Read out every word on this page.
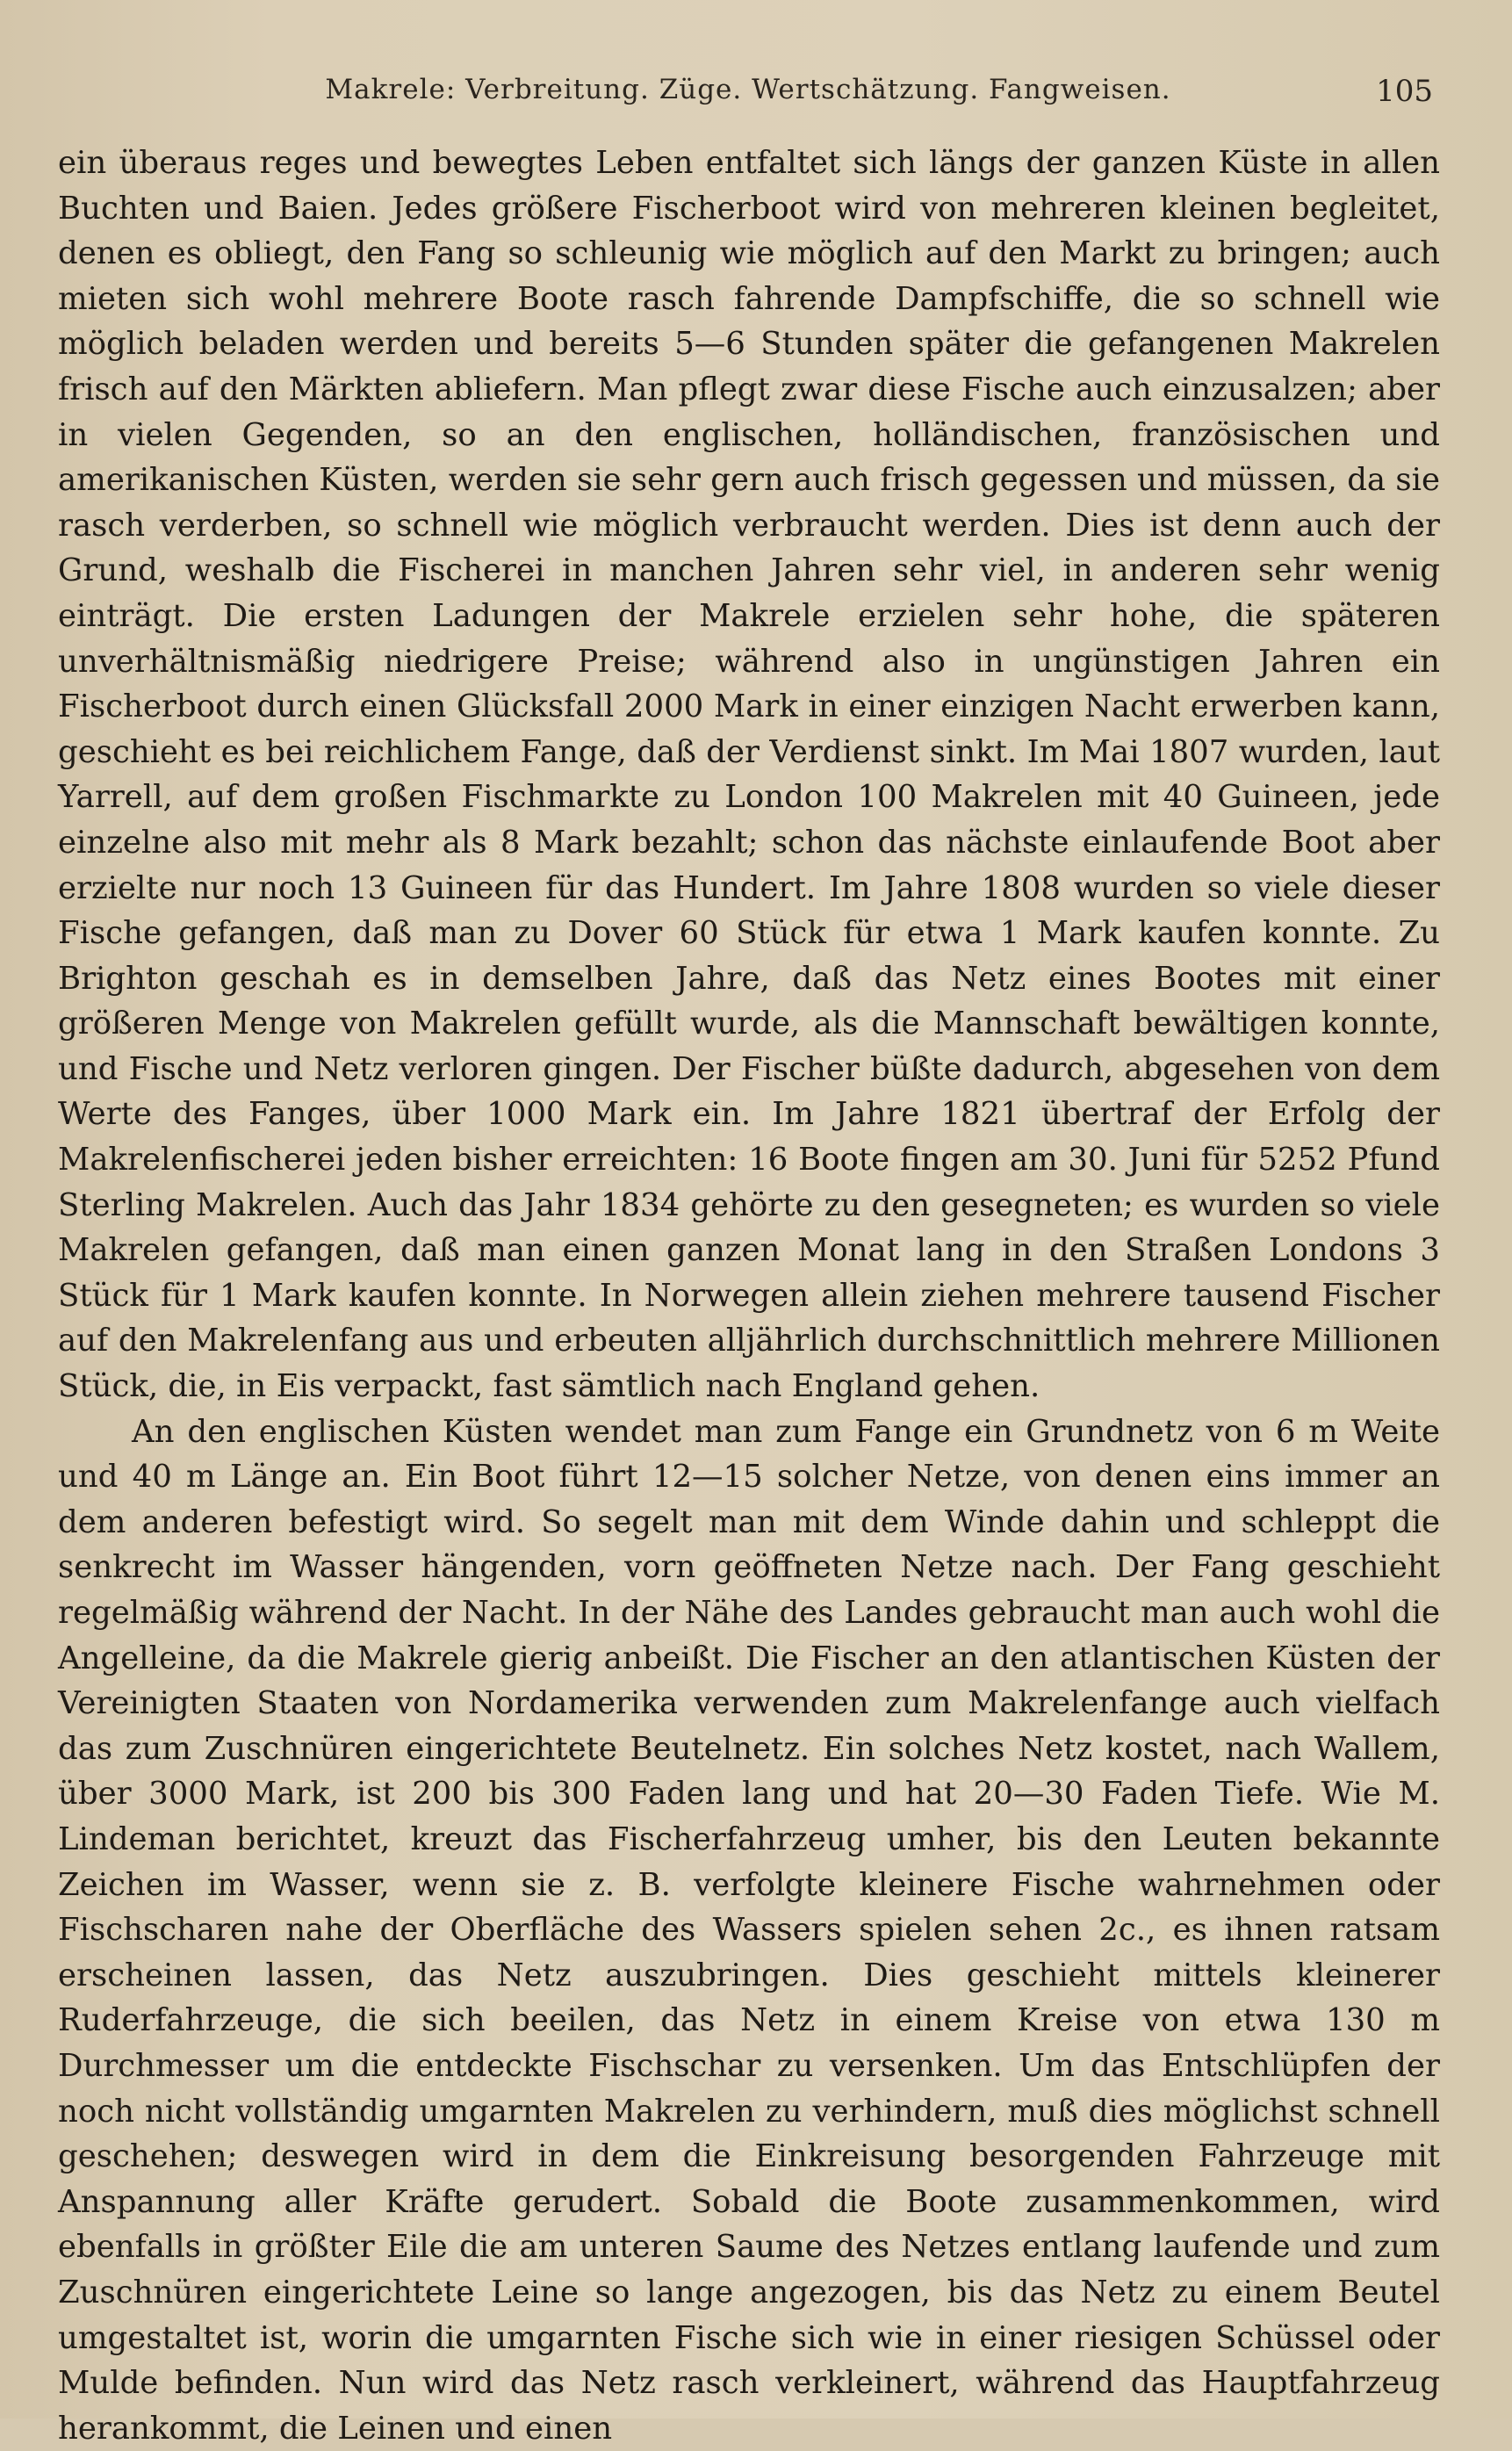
Makrele: Verbreitung. Züge. Wertschätzung. Fangweisen.	105

ein überaus reges und bewegtes Leben entfaltet sich längs der ganzen Küste in allen Buchten und Baien. Jedes größere Fischerboot wird von mehreren kleinen begleitet, denen es obliegt, den Fang so schleunig wie möglich auf den Markt zu bringen; auch mieten sich wohl mehrere Boote rasch fahrende Dampfschiffe, die so schnell wie möglich beladen werden und bereits 5—6 Stunden später die gefangenen Makrelen frisch auf den Märkten abliefern. Man pflegt zwar diese Fische auch einzusalzen; aber in vielen Gegenden, so an den englischen, holländischen, französischen und amerikanischen Küsten, werden sie sehr gern auch frisch gegessen und müssen, da sie rasch verderben, so schnell wie möglich verbraucht werden. Dies ist denn auch der Grund, weshalb die Fischerei in manchen Jahren sehr viel, in anderen sehr wenig einträgt. Die ersten Ladungen der Makrele erzielen sehr hohe, die späteren unverhältnismäßig niedrigere Preise; während also in ungünstigen Jahren ein Fischerboot durch einen Glücksfall 2000 Mark in einer einzigen Nacht erwerben kann, geschieht es bei reichlichem Fange, daß der Verdienst sinkt. Im Mai 1807 wurden, laut Yarrell, auf dem großen Fischmarkte zu London 100 Makrelen mit 40 Guineen, jede einzelne also mit mehr als 8 Mark bezahlt; schon das nächste einlaufende Boot aber erzielte nur noch 13 Guineen für das Hundert. Im Jahre 1808 wurden so viele dieser Fische gefangen, daß man zu Dover 60 Stück für etwa 1 Mark kaufen konnte. Zu Brighton geschah es in demselben Jahre, daß das Netz eines Bootes mit einer größeren Menge von Makrelen gefüllt wurde, als die Mannschaft bewältigen konnte, und Fische und Netz verloren gingen. Der Fischer büßte dadurch, abgesehen von dem Werte des Fanges, über 1000 Mark ein. Im Jahre 1821 übertraf der Erfolg der Makrelenfischerei jeden bisher erreichten: 16 Boote fingen am 30. Juni für 5252 Pfund Sterling Makrelen. Auch das Jahr 1834 gehörte zu den gesegneten; es wurden so viele Makrelen gefangen, daß man einen ganzen Monat lang in den Straßen Londons 3 Stück für 1 Mark kaufen konnte. In Norwegen allein ziehen mehrere tausend Fischer auf den Makrelenfang aus und erbeuten alljährlich durchschnittlich mehrere Millionen Stück, die, in Eis verpackt, fast sämtlich nach England gehen.

An den englischen Küsten wendet man zum Fange ein Grundnetz von 6 m Weite und 40 m Länge an. Ein Boot führt 12—15 solcher Netze, von denen eins immer an dem anderen befestigt wird. So segelt man mit dem Winde dahin und schleppt die senkrecht im Wasser hängenden, vorn geöffneten Netze nach. Der Fang geschieht regelmäßig während der Nacht. In der Nähe des Landes gebraucht man auch wohl die Angelleine, da die Makrele gierig anbeißt. Die Fischer an den atlantischen Küsten der Vereinigten Staaten von Nordamerika verwenden zum Makrelenfange auch vielfach das zum Zuschnüren eingerichtete Beutelnetz. Ein solches Netz kostet, nach Wallem, über 3000 Mark, ist 200 bis 300 Faden lang und hat 20—30 Faden Tiefe. Wie M. Lindeman berichtet, kreuzt das Fischerfahrzeug umher, bis den Leuten bekannte Zeichen im Wasser, wenn sie z. B. verfolgte kleinere Fische wahrnehmen oder Fischscharen nahe der Oberfläche des Wassers spielen sehen 2c., es ihnen ratsam erscheinen lassen, das Netz auszubringen. Dies geschieht mittels kleinerer Ruderfahrzeuge, die sich beeilen, das Netz in einem Kreise von etwa 130 m Durchmesser um die entdeckte Fischschar zu versenken. Um das Entschlüpfen der noch nicht vollständig umgarnten Makrelen zu verhindern, muß dies möglichst schnell geschehen; deswegen wird in dem die Einkreisung besorgenden Fahrzeuge mit Anspannung aller Kräfte gerudert. Sobald die Boote zusammenkommen, wird ebenfalls in größter Eile die am unteren Saume des Netzes entlang laufende und zum Zuschnüren eingerichtete Leine so lange angezogen, bis das Netz zu einem Beutel umgestaltet ist, worin die umgarnten Fische sich wie in einer riesigen Schüssel oder Mulde befinden. Nun wird das Netz rasch verkleinert, während das Hauptfahrzeug herankommt, die Leinen und einen
